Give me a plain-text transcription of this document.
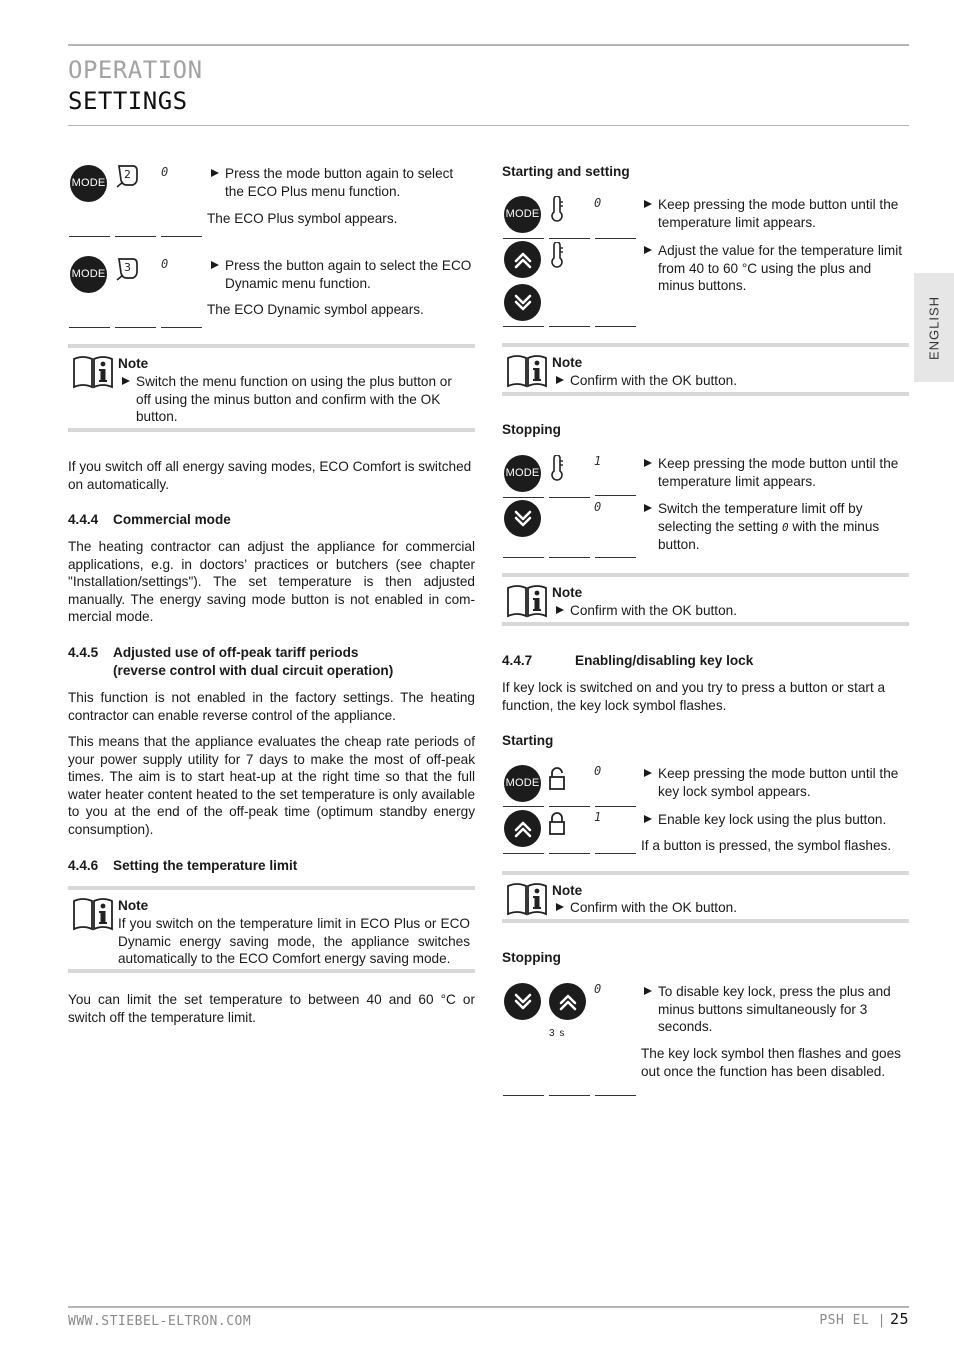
OPERATION
SETTINGS
ENGLISH
MODE
0	Press the mode button again to select the ECO Plus menu function.
The ECO Plus symbol appears.
MODE
0	Press the button again to select the ECO Dynamic menu function.
The ECO Dynamic symbol appears.
Note
Switch the menu function on using the plus button or off using the minus button and confirm with the OK button.
If you switch off all energy saving modes, ECO Comfort is switched on automatically.
4.4.4 Commercial mode
The heating contractor can adjust the appliance for commercial applications, e.g. in doctors’ practices or butchers (see chapter "Installation/settings"). The set temperature is then adjusted manually. The energy saving mode button is not enabled in com-mercial mode.
4.4.5 Adjusted use of off-peak tariff periods
(reverse control with dual circuit operation)
This function is not enabled in the factory settings. The heating contractor can enable reverse control of the appliance.
This means that the appliance evaluates the cheap rate periods of your power supply utility for 7 days to make the most of off-peak times. The aim is to start heat-up at the right time so that the full water heater content heated to the set temperature is only available to you at the end of the off-peak time (optimum standby energy consumption).
4.4.6 Setting the temperature limit
Note
If you switch on the temperature limit in ECO Plus or ECO Dynamic energy saving mode, the appliance switches automatically to the ECO Comfort energy saving mode.
You can limit the set temperature to between 40 and 60 °C or switch off the temperature limit.
Starting and setting
MODE
0	Keep pressing the mode button until the temperature limit appears.
Adjust the value for the temperature limit from 40 to 60 °C using the plus and minus buttons.
Note
Confirm with the OK button.
Stopping
MODE
1
0
Keep pressing the mode button until the temperature limit appears.
Switch the temperature limit off by selecting the setting 0 with the minus button.
Note
Confirm with the OK button.
4.4.7	Enabling/disabling key lock
If key lock is switched on and you try to press a button or start a function, the key lock symbol flashes.
Starting
MODE
0
1
Keep pressing the mode button until the key lock symbol appears.
Enable key lock using the plus button.
If a button is pressed, the symbol flashes.
Note
Confirm with the OK button.
Stopping
3 s
0	To disable key lock, press the plus and minus buttons simultaneously for 3 seconds.
The key lock symbol then flashes and goes out once the function has been disabled.
WWW.STIEBEL-ELTRON.COM	PSH EL | 25
